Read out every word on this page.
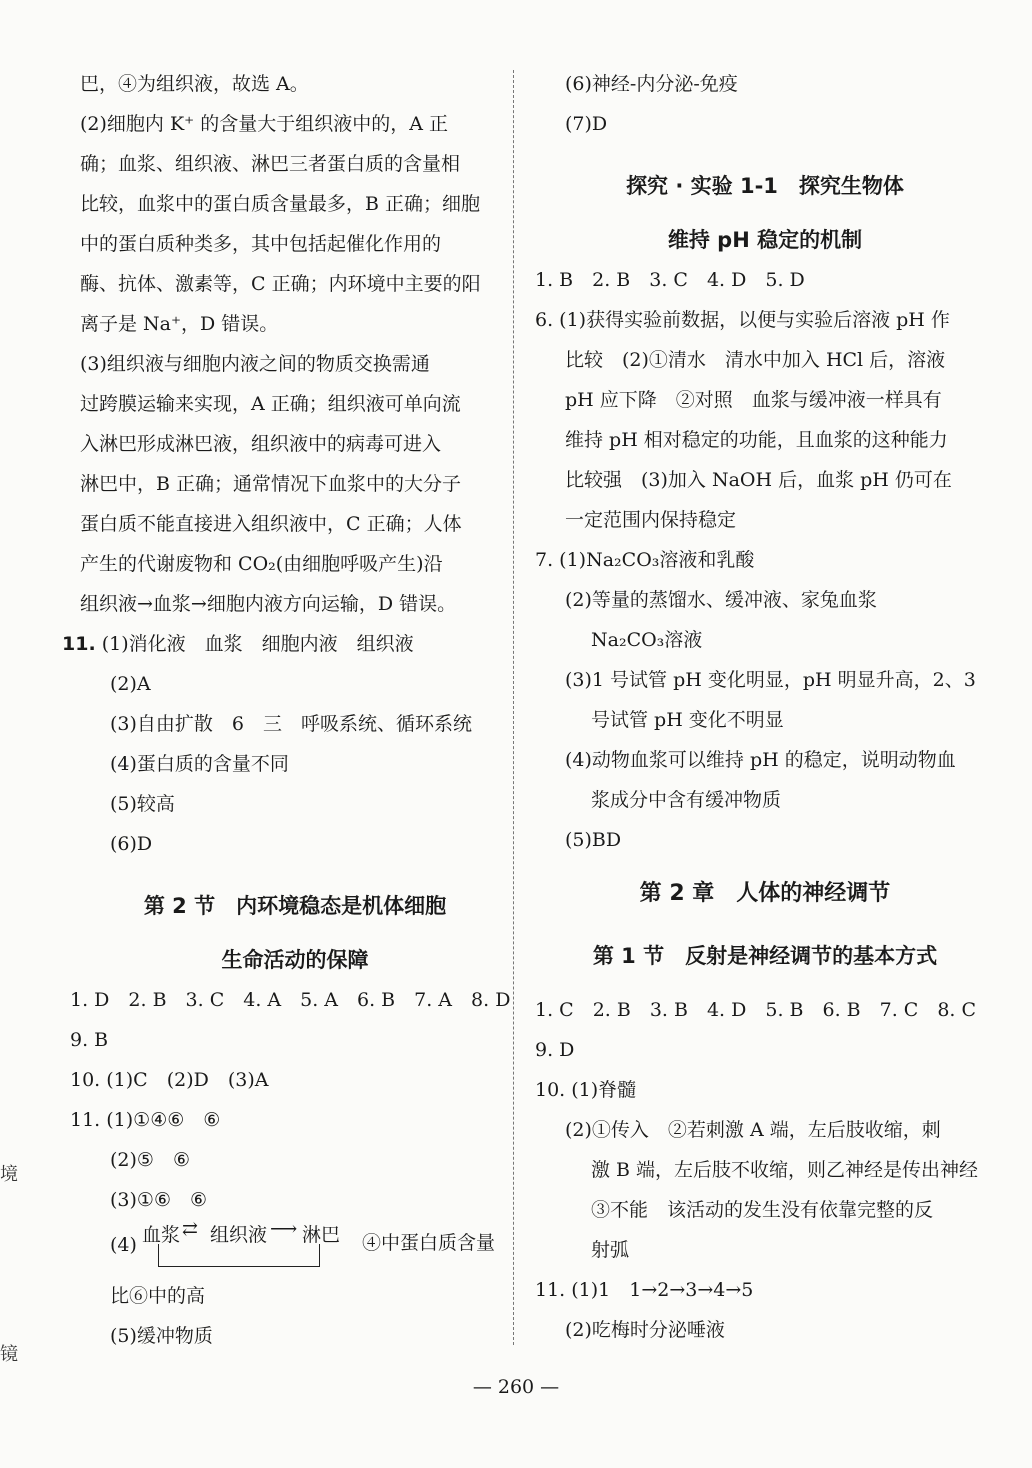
巴，④为组织液，故选 A。
(2)细胞内 K⁺ 的含量大于组织液中的，A 正
确；血浆、组织液、淋巴三者蛋白质的含量相
比较，血浆中的蛋白质含量最多，B 正确；细胞
中的蛋白质种类多，其中包括起催化作用的
酶、抗体、激素等，C 正确；内环境中主要的阳
离子是 Na⁺，D 错误。
(3)组织液与细胞内液之间的物质交换需通
过跨膜运输来实现，A 正确；组织液可单向流
入淋巴形成淋巴液，组织液中的病毒可进入
淋巴中，B 正确；通常情况下血浆中的大分子
蛋白质不能直接进入组织液中，C 正确；人体
产生的代谢废物和 CO₂(由细胞呼吸产生)沿
组织液→血浆→细胞内液方向运输，D 错误。
11. (1)消化液　血浆　细胞内液　组织液
(2)A
(3)自由扩散　6　三　呼吸系统、循环系统
(4)蛋白质的含量不同
(5)较高
(6)D
第 2 节　内环境稳态是机体细胞
生命活动的保障
1. D　2. B　3. C　4. A　5. A　6. B　7. A　8. D
9. B
10. (1)C　(2)D　(3)A
11. (1)①④⑥　⑥
(2)⑤　⑥
(3)①⑥　⑥
(4) 血浆 ⇄ 组织液 ⟶ 淋巴 ④中蛋白质含量
比⑥中的高
(5)缓冲物质
(6)神经-内分泌-免疫
(7)D
探究 · 实验 1-1　探究生物体
维持 pH 稳定的机制
1. B　2. B　3. C　4. D　5. D
6. (1)获得实验前数据，以便与实验后溶液 pH 作
比较　(2)①清水　清水中加入 HCl 后，溶液
pH 应下降　②对照　血浆与缓冲液一样具有
维持 pH 相对稳定的功能，且血浆的这种能力
比较强　(3)加入 NaOH 后，血浆 pH 仍可在
一定范围内保持稳定
7. (1)Na₂CO₃溶液和乳酸
(2)等量的蒸馏水、缓冲液、家兔血浆
Na₂CO₃溶液
(3)1 号试管 pH 变化明显，pH 明显升高，2、3
号试管 pH 变化不明显
(4)动物血浆可以维持 pH 的稳定，说明动物血
浆成分中含有缓冲物质
(5)BD
第 2 章　人体的神经调节
第 1 节　反射是神经调节的基本方式
1. C　2. B　3. B　4. D　5. B　6. B　7. C　8. C
9. D
10. (1)脊髓
(2)①传入　②若刺激 A 端，左后肢收缩，刺
激 B 端，左后肢不收缩，则乙神经是传出神经
③不能　该活动的发生没有依靠完整的反
射弧
11. (1)1　1→2→3→4→5
(2)吃梅时分泌唾液
境
镜
— 260 —
